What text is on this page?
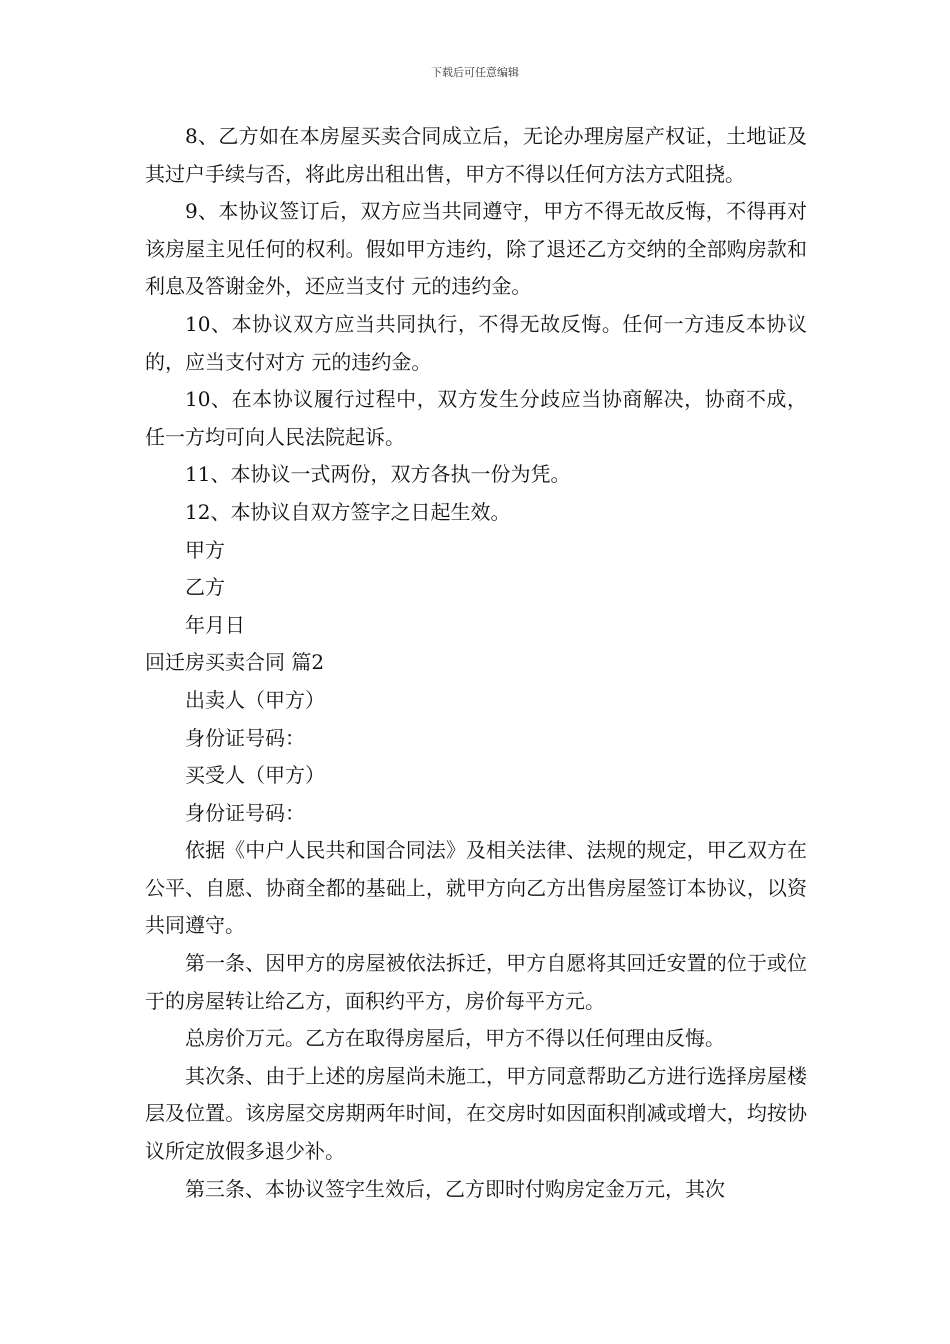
下载后可任意编辑

8、乙方如在本房屋买卖合同成立后，无论办理房屋产权证，土地证及其过户手续与否，将此房出租出售，甲方不得以任何方法方式阻挠。

9、本协议签订后，双方应当共同遵守，甲方不得无故反悔，不得再对该房屋主见任何的权利。假如甲方违约，除了退还乙方交纳的全部购房款和利息及答谢金外，还应当支付 元的违约金。

10、本协议双方应当共同执行，不得无故反悔。任何一方违反本协议的，应当支付对方 元的违约金。

10、在本协议履行过程中，双方发生分歧应当协商解决，协商不成，任一方均可向人民法院起诉。

11、本协议一式两份，双方各执一份为凭。

12、本协议自双方签字之日起生效。

甲方

乙方

年月日

回迁房买卖合同 篇2

出卖人（甲方）

身份证号码：

买受人（甲方）

身份证号码：

依据《中户人民共和国合同法》及相关法律、法规的规定，甲乙双方在公平、自愿、协商全都的基础上，就甲方向乙方出售房屋签订本协议，以资共同遵守。

第一条、因甲方的房屋被依法拆迁，甲方自愿将其回迁安置的位于或位于的房屋转让给乙方，面积约平方，房价每平方元。

总房价万元。乙方在取得房屋后，甲方不得以任何理由反悔。

其次条、由于上述的房屋尚未施工，甲方同意帮助乙方进行选择房屋楼层及位置。该房屋交房期两年时间，在交房时如因面积削减或增大，均按协议所定放假多退少补。

第三条、本协议签字生效后，乙方即时付购房定金万元，其次
